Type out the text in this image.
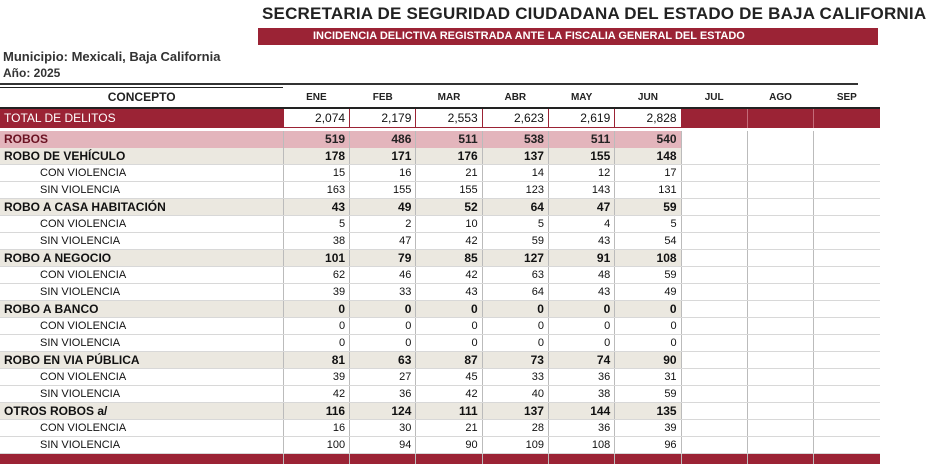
SECRETARIA DE SEGURIDAD CIUDADANA DEL ESTADO DE BAJA CALIFORNIA
INCIDENCIA DELICTIVA REGISTRADA ANTE LA FISCALIA GENERAL DEL ESTADO
Municipio: Mexicali, Baja California
Año: 2025
CONCEPTO	ENE	FEB	MAR	ABR	MAY	JUN	JUL	AGO	SEP
TOTAL DE DELITOS	2,074	2,179	2,553	2,623	2,619	2,828			

ROBOS	519	486	511	538	511	540			
ROBO DE VEHÍCULO	178	171	176	137	155	148			
CON VIOLENCIA	15	16	21	14	12	17			
SIN VIOLENCIA	163	155	155	123	143	131			
ROBO A CASA HABITACIÓN	43	49	52	64	47	59			
CON VIOLENCIA	5	2	10	5	4	5			
SIN VIOLENCIA	38	47	42	59	43	54			
ROBO A NEGOCIO	101	79	85	127	91	108			
CON VIOLENCIA	62	46	42	63	48	59			
SIN VIOLENCIA	39	33	43	64	43	49			
ROBO A BANCO	0	0	0	0	0	0			
CON VIOLENCIA	0	0	0	0	0	0			
SIN VIOLENCIA	0	0	0	0	0	0			
ROBO EN VIA PÚBLICA	81	63	87	73	74	90			
CON VIOLENCIA	39	27	45	33	36	31			
SIN VIOLENCIA	42	36	42	40	38	59			
OTROS ROBOS a/	116	124	111	137	144	135			
CON VIOLENCIA	16	30	21	28	36	39			
SIN VIOLENCIA	100	94	90	109	108	96			
